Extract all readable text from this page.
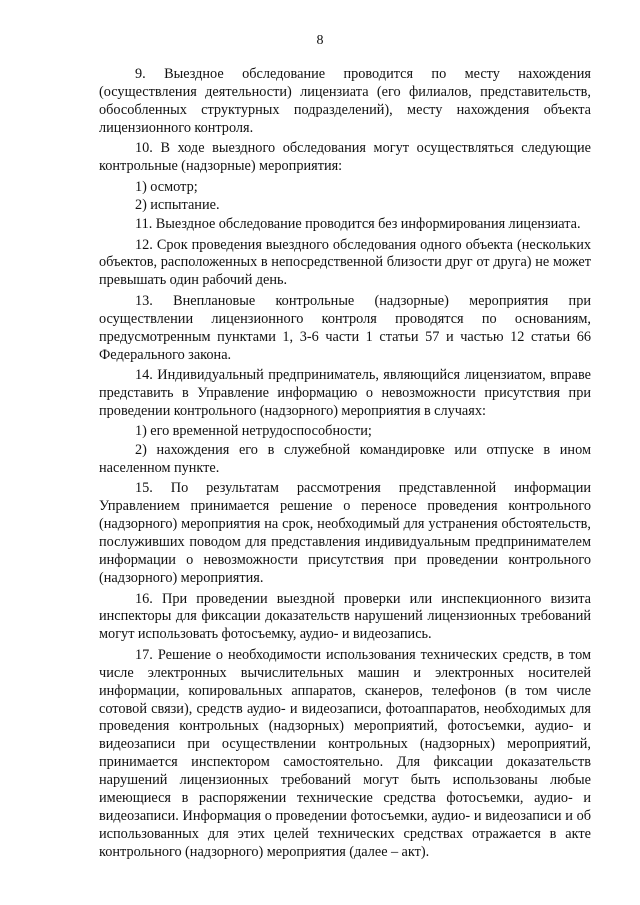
8

9. Выездное обследование проводится по месту нахождения (осуществления деятельности) лицензиата (его филиалов, представительств, обособленных структурных подразделений), месту нахождения объекта лицензионного контроля.

10. В ходе выездного обследования могут осуществляться следующие контрольные (надзорные) мероприятия:

1) осмотр;

2) испытание.

11. Выездное обследование проводится без информирования лицензиата.

12. Срок проведения выездного обследования одного объекта (нескольких объектов, расположенных в непосредственной близости друг от друга) не может превышать один рабочий день.

13. Внеплановые контрольные (надзорные) мероприятия при осуществлении лицензионного контроля проводятся по основаниям, предусмотренным пунктами 1, 3-6 части 1 статьи 57 и частью 12 статьи 66 Федерального закона.

14. Индивидуальный предприниматель, являющийся лицензиатом, вправе представить в Управление информацию о невозможности присутствия при проведении контрольного (надзорного) мероприятия в случаях:

1) его временной нетрудоспособности;

2) нахождения его в служебной командировке или отпуске в ином населенном пункте.

15. По результатам рассмотрения представленной информации Управлением принимается решение о переносе проведения контрольного (надзорного) мероприятия на срок, необходимый для устранения обстоятельств, послуживших поводом для представления индивидуальным предпринимателем информации о невозможности присутствия при проведении контрольного (надзорного) мероприятия.

16. При проведении выездной проверки или инспекционного визита инспекторы для фиксации доказательств нарушений лицензионных требований могут использовать фотосъемку, аудио- и видеозапись.

17. Решение о необходимости использования технических средств, в том числе электронных вычислительных машин и электронных носителей информации, копировальных аппаратов, сканеров, телефонов (в том числе сотовой связи), средств аудио- и видеозаписи, фотоаппаратов, необходимых для проведения контрольных (надзорных) мероприятий, фотосъемки, аудио- и видеозаписи при осуществлении контрольных (надзорных) мероприятий, принимается инспектором самостоятельно. Для фиксации доказательств нарушений лицензионных требований могут быть использованы любые имеющиеся в распоряжении технические средства фотосъемки, аудио- и видеозаписи. Информация о проведении фотосъемки, аудио- и видеозаписи и об использованных для этих целей технических средствах отражается в акте контрольного (надзорного) мероприятия (далее – акт).
